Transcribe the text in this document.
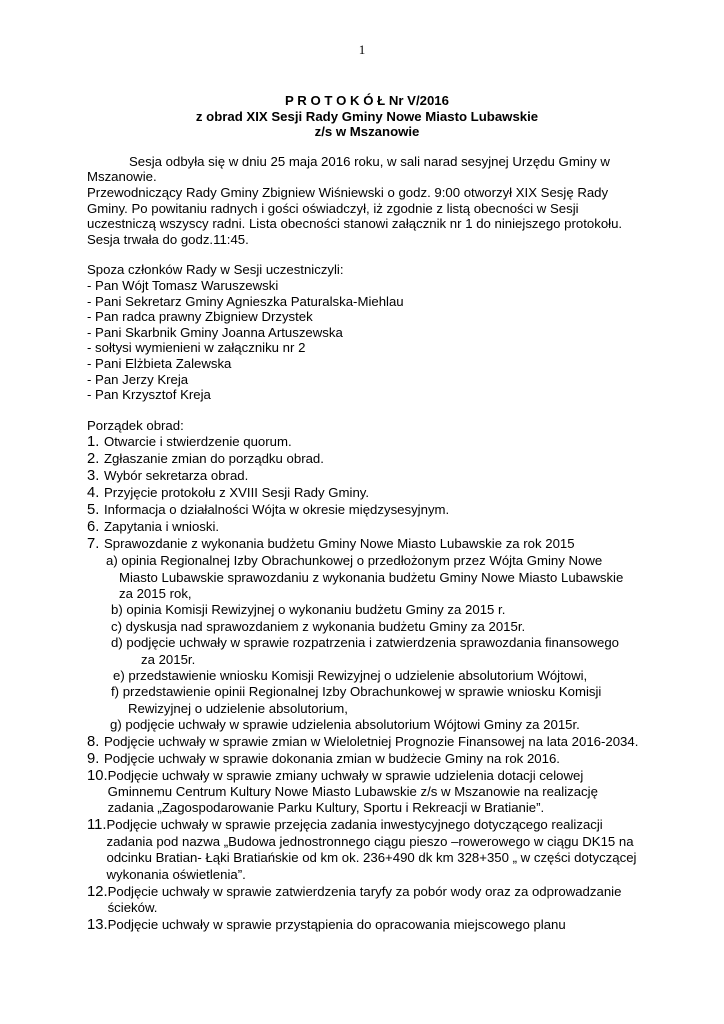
1
P R O T O K Ó Ł Nr V/2016
z obrad XIX Sesji Rady Gminy Nowe Miasto Lubawskie
z/s w Mszanowie

Sesja odbyła się w dniu 25 maja 2016 roku, w sali narad sesyjnej Urzędu Gminy w Mszanowie.

Przewodniczący Rady Gminy Zbigniew Wiśniewski o godz. 9:00 otworzył XIX Sesję Rady Gminy. Po powitaniu radnych i gości oświadczył, iż zgodnie z listą obecności w Sesji uczestniczą wszyscy radni. Lista obecności stanowi załącznik nr 1 do niniejszego protokołu.

Sesja trwała do godz.11:45.

Spoza członków Rady w Sesji uczestniczyli:

- Pan Wójt Tomasz Waruszewski
- Pani Sekretarz Gminy Agnieszka Paturalska-Miehlau
- Pan radca prawny Zbigniew Drzystek
- Pani Skarbnik Gminy Joanna Artuszewska
- sołtysi wymienieni w załączniku nr 2
- Pani Elżbieta Zalewska
- Pan Jerzy Kreja
- Pan Krzysztof Kreja

Porządek obrad:

1. Otwarcie i stwierdzenie quorum.
2. Zgłaszanie zmian do porządku obrad.
3. Wybór sekretarza obrad.
4. Przyjęcie protokołu z XVIII Sesji Rady Gminy.
5. Informacja o działalności Wójta w okresie międzysesyjnym.
6. Zapytania i wnioski.
7. Sprawozdanie z wykonania budżetu Gminy Nowe Miasto Lubawskie za rok 2015
a) opinia Regionalnej Izby Obrachunkowej o przedłożonym przez Wójta Gminy Nowe
Miasto Lubawskie sprawozdaniu z wykonania budżetu Gminy Nowe Miasto Lubawskie
za 2015 rok,
b) opinia Komisji Rewizyjnej o wykonaniu budżetu Gminy za 2015 r.
c) dyskusja nad sprawozdaniem z wykonania budżetu Gminy za 2015r.
d) podjęcie uchwały w sprawie rozpatrzenia i zatwierdzenia sprawozdania finansowego
za 2015r.
e) przedstawienie wniosku Komisji Rewizyjnej o udzielenie absolutorium Wójtowi,
f) przedstawienie opinii Regionalnej Izby Obrachunkowej w sprawie wniosku Komisji
Rewizyjnej o udzielenie absolutorium,
g) podjęcie uchwały w sprawie udzielenia absolutorium Wójtowi Gminy za 2015r.
8. Podjęcie uchwały w sprawie zmian w Wieloletniej Prognozie Finansowej na lata 2016-2034.
9. Podjęcie uchwały w sprawie dokonania zmian w budżecie Gminy na rok 2016.
10. Podjęcie uchwały w sprawie zmiany uchwały w sprawie udzielenia dotacji celowej Gminnemu Centrum Kultury Nowe Miasto Lubawskie z/s w Mszanowie na realizację zadania „Zagospodarowanie Parku Kultury, Sportu i Rekreacji w Bratianie”.
11. Podjęcie uchwały w sprawie przejęcia zadania inwestycyjnego dotyczącego realizacji zadania pod nazwa „Budowa jednostronnego ciągu pieszo –rowerowego w ciągu DK15 na odcinku Bratian- Łąki Bratiańskie od km ok. 236+490 dk km 328+350 „ w części dotyczącej wykonania oświetlenia”.
12. Podjęcie uchwały w sprawie zatwierdzenia taryfy za pobór wody oraz za odprowadzanie ścieków.
13. Podjęcie uchwały w sprawie przystąpienia do opracowania miejscowego planu
